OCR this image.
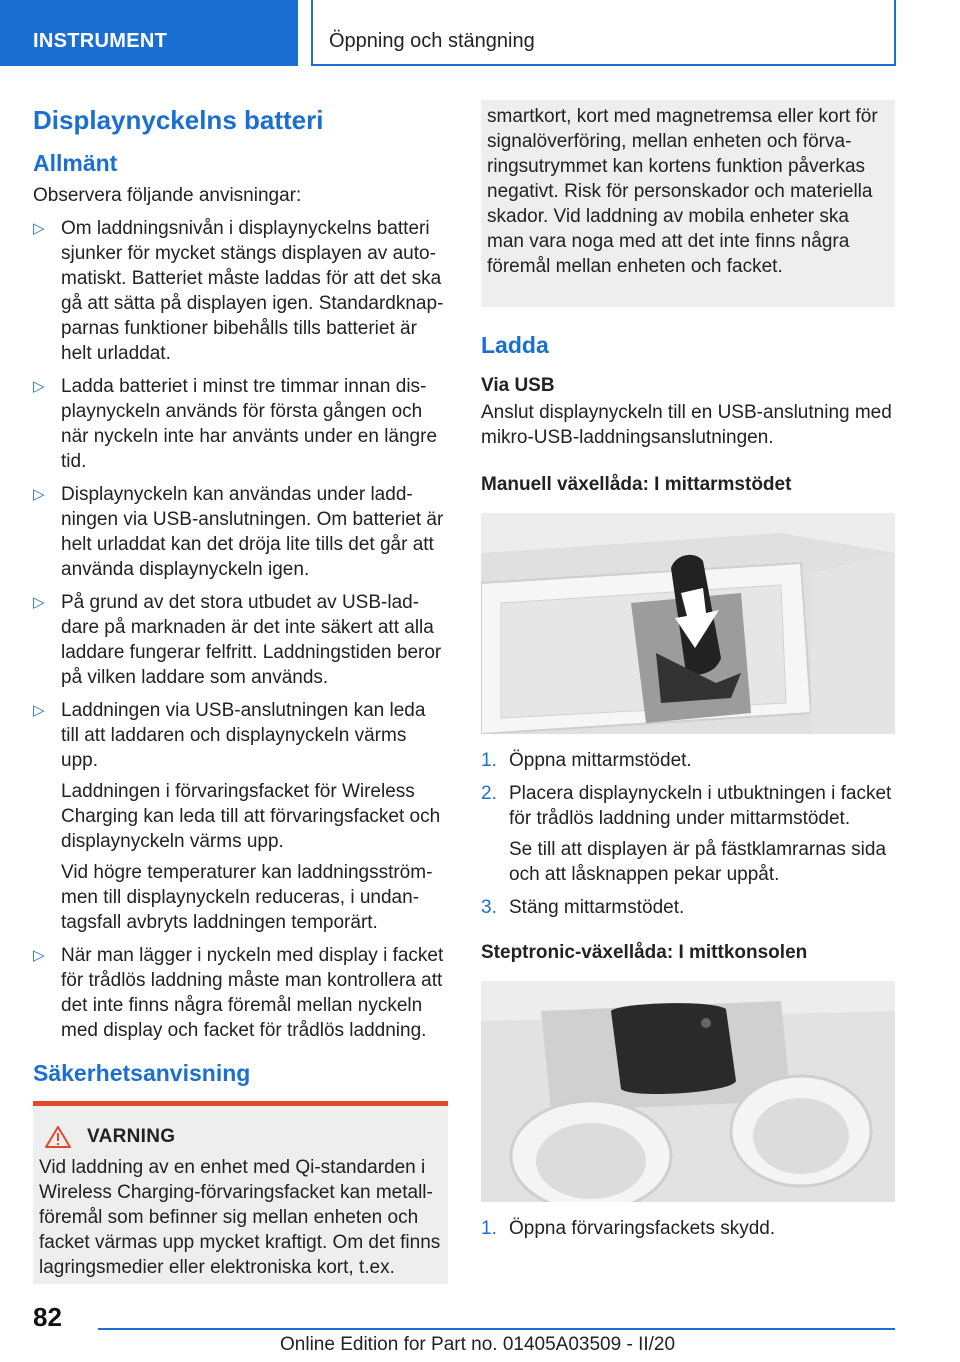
INSTRUMENT	Öppning och stängning
Displaynyckelns batteri
Allmänt

Observera följande anvisningar:

▷ Om laddningsnivån i displaynyckelns batteri sjunker för mycket stängs displayen av automatiskt. Batteriet måste laddas för att det ska gå att sätta på displayen igen. Standardknapparnas funktioner bibehålls tills batteriet är helt urladdat.

▷ Ladda batteriet i minst tre timmar innan displaynyckeln används för första gången och när nyckeln inte har använts under en längre tid.

▷ Displaynyckeln kan användas under laddningen via USB-anslutningen. Om batteriet är helt urladdat kan det dröja lite tills det går att använda displaynyckeln igen.

▷ På grund av det stora utbudet av USB-laddare på marknaden är det inte säkert att alla laddare fungerar felfritt. Laddningstiden beror på vilken laddare som används.

▷ Laddningen via USB-anslutningen kan leda till att laddaren och displaynyckeln värms upp.

Laddningen i förvaringsfacket för Wireless Charging kan leda till att förvaringsfacket och displaynyckeln värms upp.

Vid högre temperaturer kan laddningsströmmen till displaynyckeln reduceras, i undantagsfall avbryts laddningen temporärt.

▷ När man lägger i nyckeln med display i facket för trådlös laddning måste man kontrollera att det inte finns några föremål mellan nyckeln med display och facket för trådlös laddning.

Säkerhetsanvisning
VARNING

Vid laddning av en enhet med Qi-standarden i Wireless Charging-förvaringsfacket kan metallföremål som befinner sig mellan enheten och facket värmas upp mycket kraftigt. Om det finns lagringsmedier eller elektroniska kort, t.ex.

smartkort, kort med magnetremsa eller kort för signalöverföring, mellan enheten och förvaringsutrymmet kan kortens funktion påverkas negativt. Risk för personskador och materiella skador. Vid laddning av mobila enheter ska man vara noga med att det inte finns några föremål mellan enheten och facket.

Ladda
Via USB

Anslut displaynyckeln till en USB-anslutning med mikro-USB-laddningsanslutningen.

Manuell växellåda: I mittarmstödet
1. Öppna mittarmstödet.

2. Placera displaynyckeln i utbuktningen i facket för trådlös laddning under mittarmstödet.

Se till att displayen är på fästklamrarnas sida och att låsknappen pekar uppåt.

3. Stäng mittarmstödet.

Steptronic-växellåda: I mittkonsolen
1. Öppna förvaringsfackets skydd.

82
Online Edition for Part no. 01405A03509 - II/20
